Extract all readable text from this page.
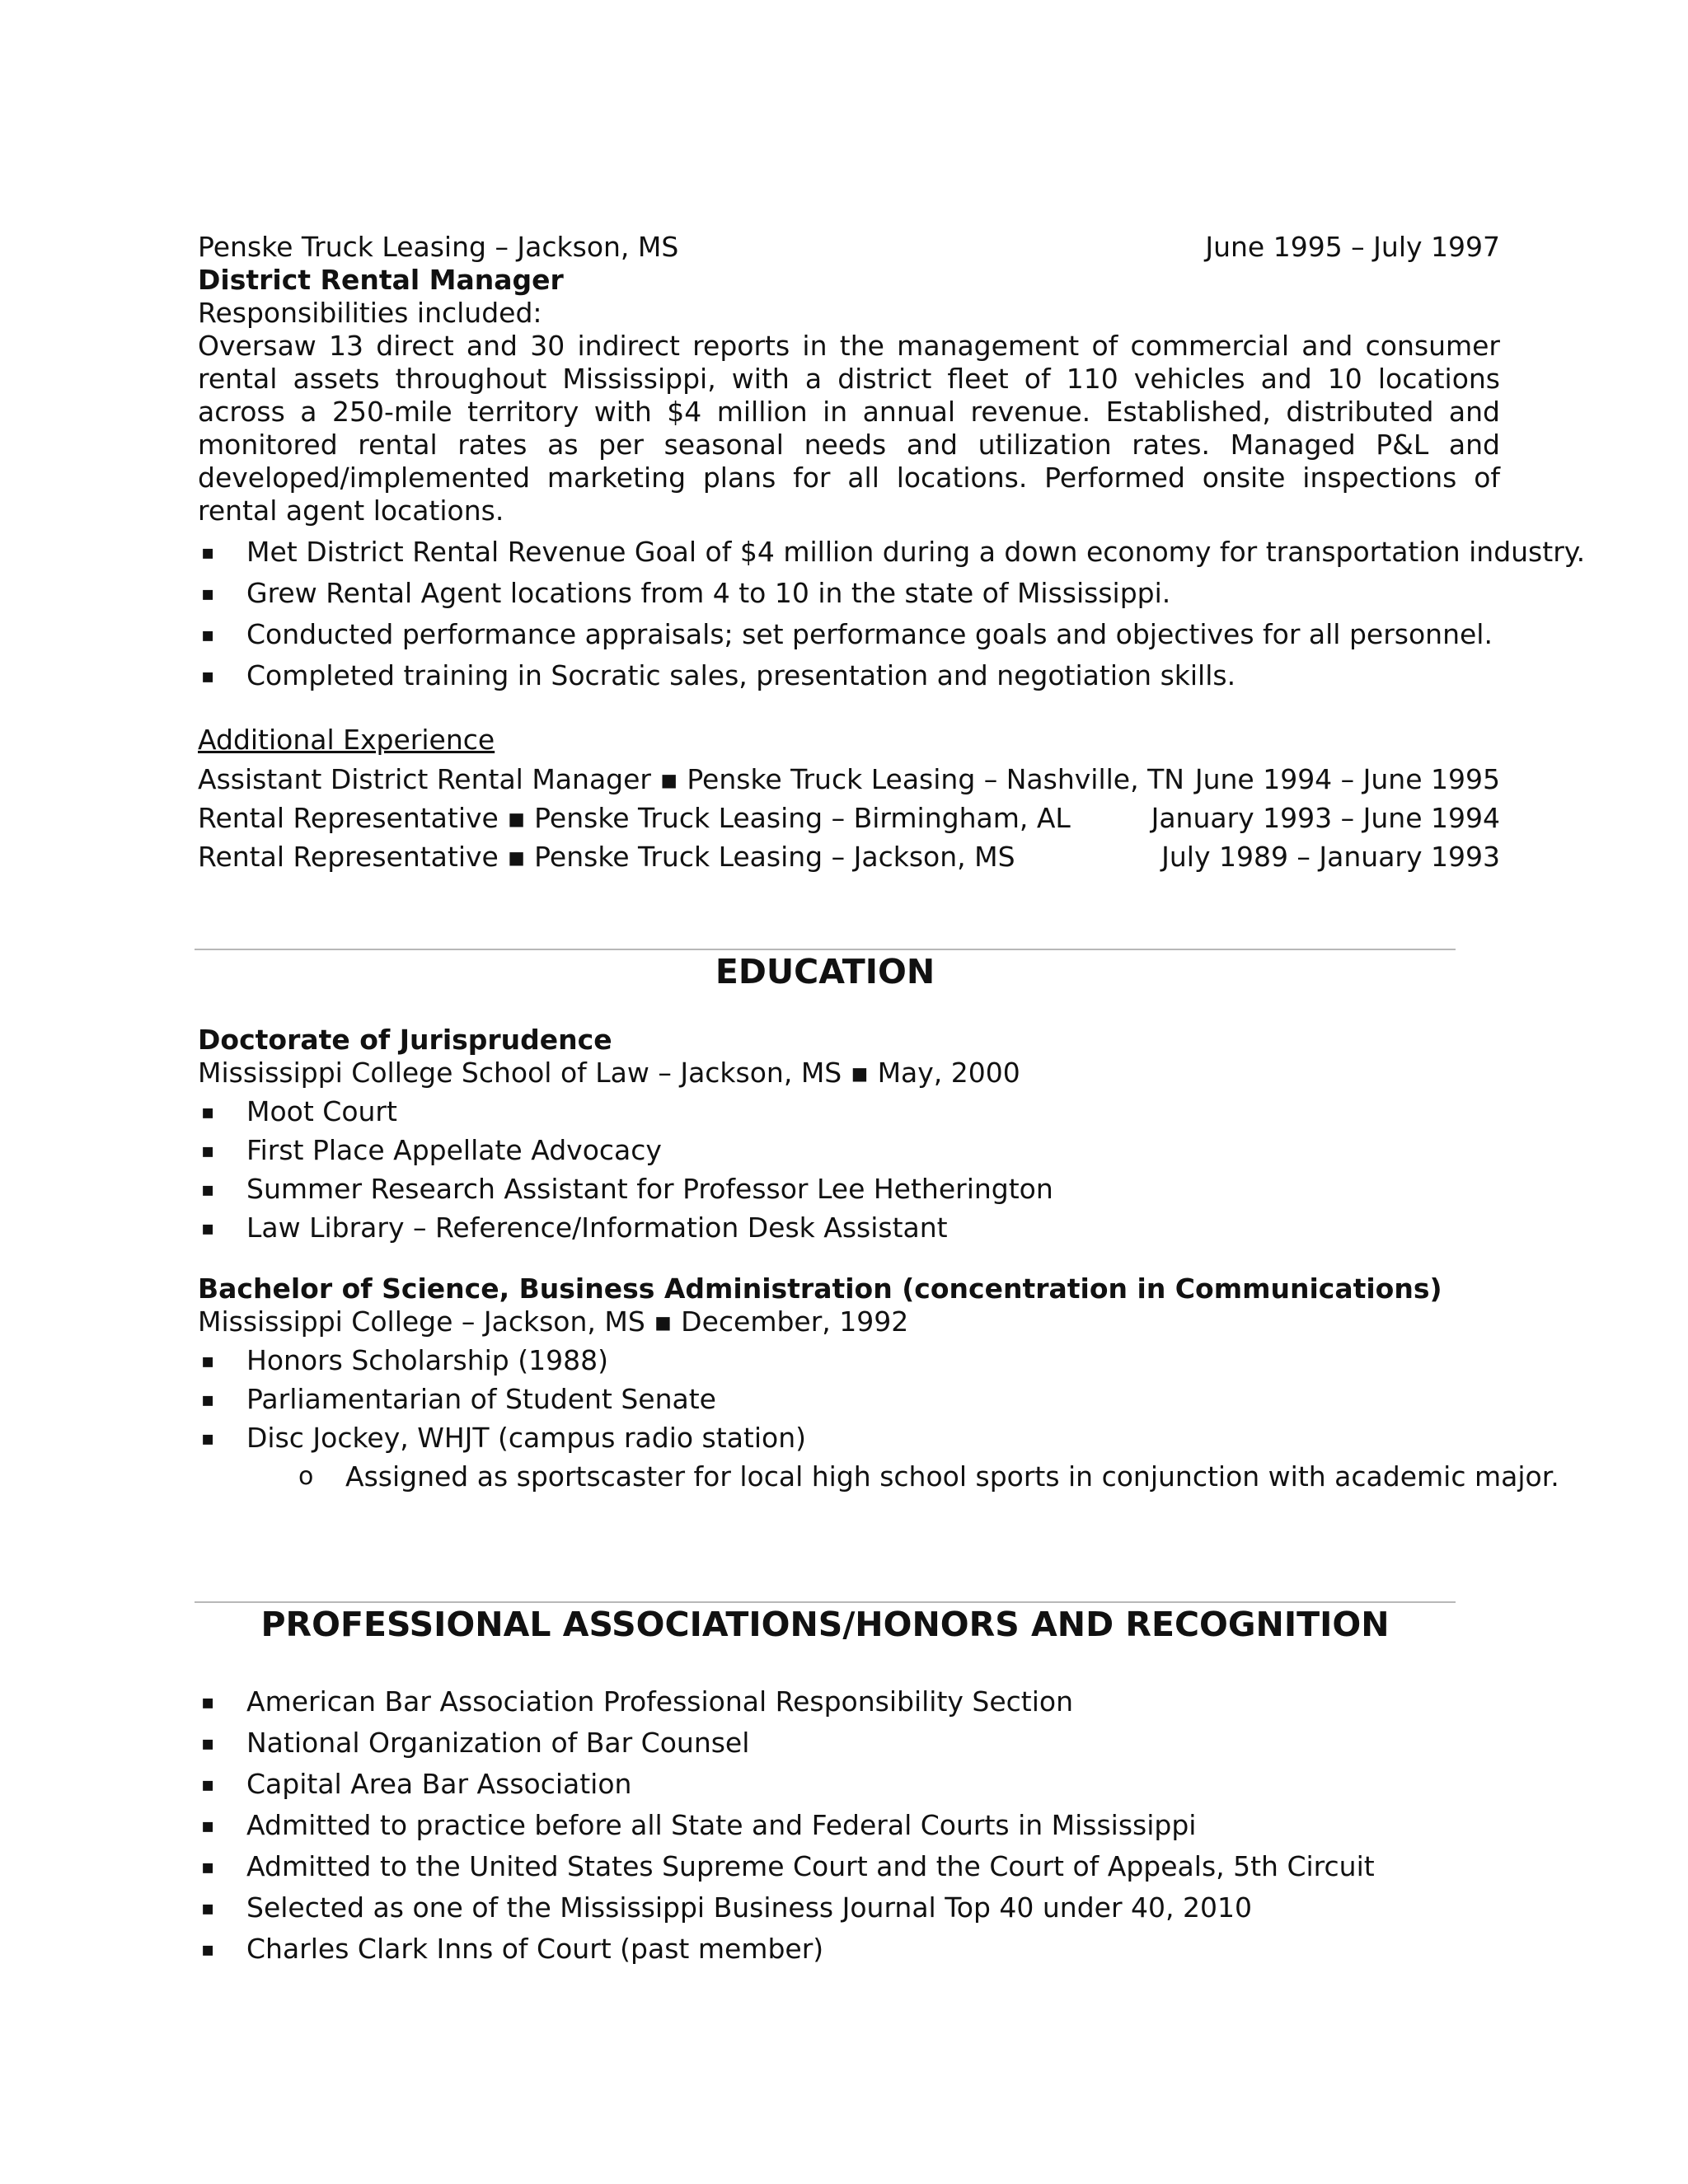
Penske Truck Leasing – Jackson, MS	June 1995 – July 1997
District Rental Manager
Responsibilities included:
Oversaw 13 direct and 30 indirect reports in the management of commercial and consumer rental assets throughout Mississippi, with a district fleet of 110 vehicles and 10 locations across a 250-mile territory with $4 million in annual revenue. Established, distributed and monitored rental rates as per seasonal needs and utilization rates. Managed P&L and developed/implemented marketing plans for all locations. Performed onsite inspections of rental agent locations.
▪ Met District Rental Revenue Goal of $4 million during a down economy for transportation industry.
▪ Grew Rental Agent locations from 4 to 10 in the state of Mississippi.
▪ Conducted performance appraisals; set performance goals and objectives for all personnel.
▪ Completed training in Socratic sales, presentation and negotiation skills.
Additional Experience
Assistant District Rental Manager ▪ Penske Truck Leasing – Nashville, TN June 1994 – June 1995
Rental Representative ▪ Penske Truck Leasing – Birmingham, AL	January 1993 – June 1994
Rental Representative ▪ Penske Truck Leasing – Jackson, MS	July 1989 – January 1993
EDUCATION
Doctorate of Jurisprudence
Mississippi College School of Law – Jackson, MS ▪ May, 2000
▪ Moot Court
▪ First Place Appellate Advocacy
▪ Summer Research Assistant for Professor Lee Hetherington
▪ Law Library – Reference/Information Desk Assistant
Bachelor of Science, Business Administration (concentration in Communications)
Mississippi College – Jackson, MS ▪ December, 1992
▪ Honors Scholarship (1988)
▪ Parliamentarian of Student Senate
▪ Disc Jockey, WHJT (campus radio station)
o Assigned as sportscaster for local high school sports in conjunction with academic major.
PROFESSIONAL ASSOCIATIONS/HONORS AND RECOGNITION
▪ American Bar Association Professional Responsibility Section
▪ National Organization of Bar Counsel
▪ Capital Area Bar Association
▪ Admitted to practice before all State and Federal Courts in Mississippi
▪ Admitted to the United States Supreme Court and the Court of Appeals, 5th Circuit
▪ Selected as one of the Mississippi Business Journal Top 40 under 40, 2010
▪ Charles Clark Inns of Court (past member)
